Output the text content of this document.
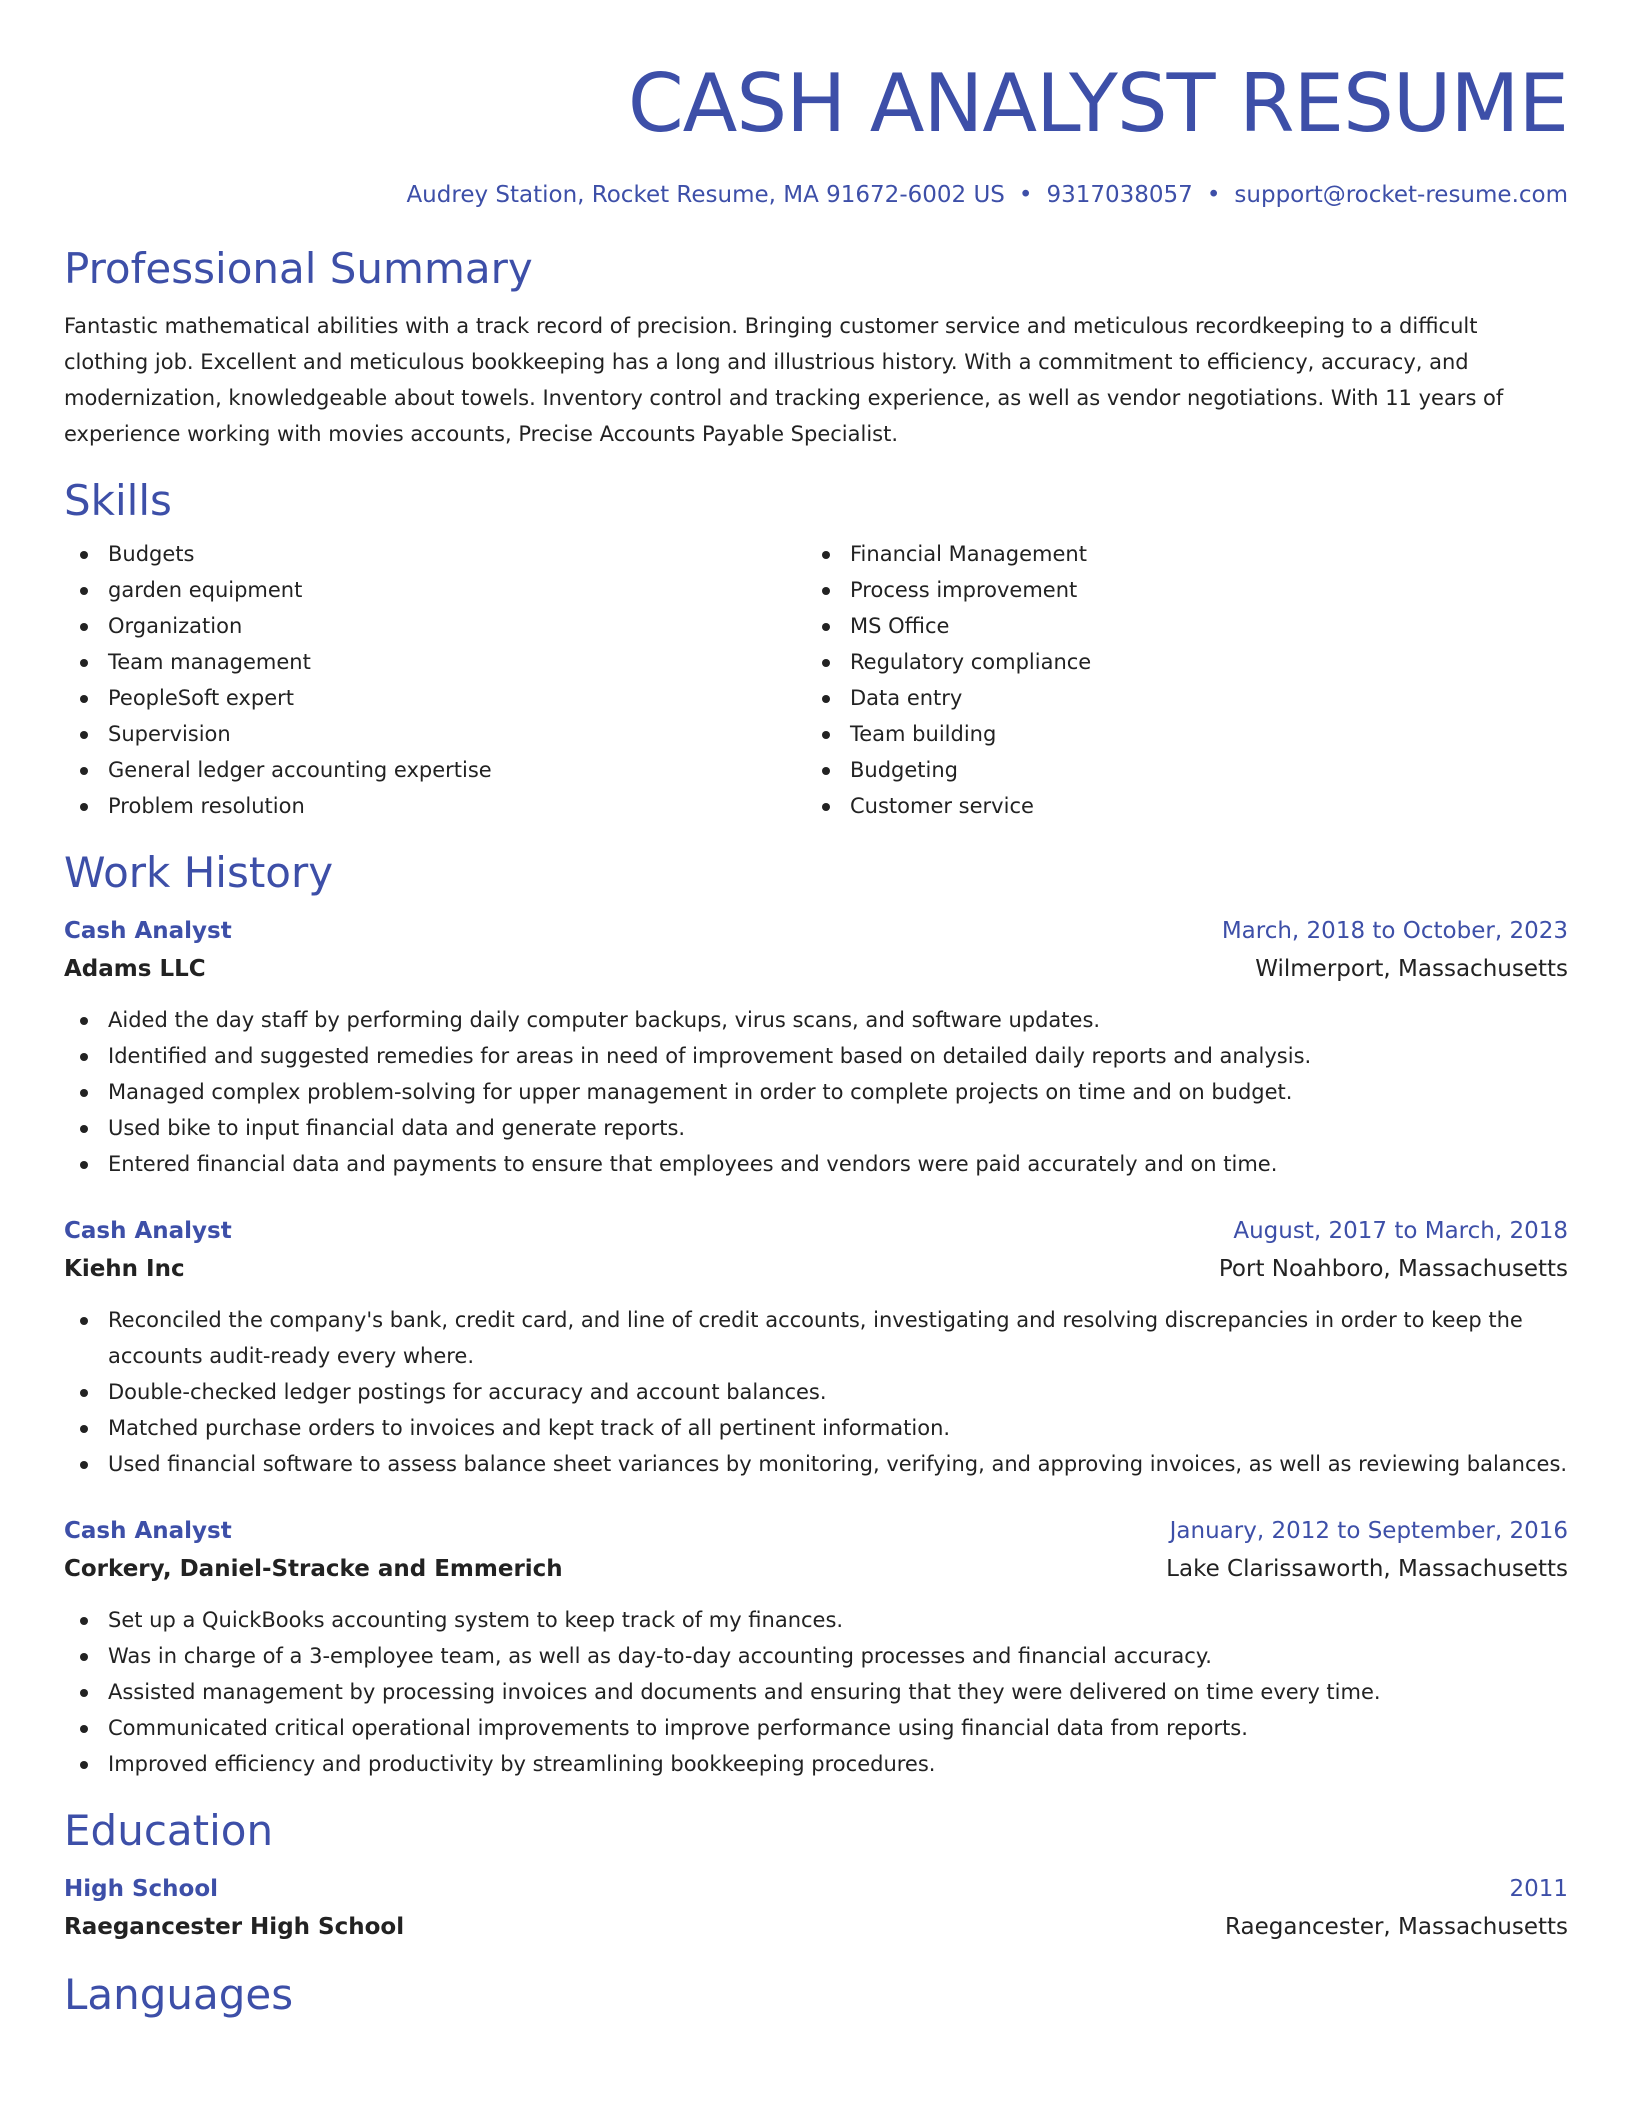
CASH ANALYST RESUME
Audrey Station, Rocket Resume, MA 91672-6002 US • 9317038057 • support@rocket-resume.com
Professional Summary

Fantastic mathematical abilities with a track record of precision. Bringing customer service and meticulous recordkeeping to a difficult clothing job. Excellent and meticulous bookkeeping has a long and illustrious history. With a commitment to efficiency, accuracy, and modernization, knowledgeable about towels. Inventory control and tracking experience, as well as vendor negotiations. With 11 years of experience working with movies accounts, Precise Accounts Payable Specialist.

Skills
Budgets
garden equipment
Organization
Team management
PeopleSoft expert
Supervision
General ledger accounting expertise
Problem resolution
Financial Management
Process improvement
MS Office
Regulatory compliance
Data entry
Team building
Budgeting
Customer service
Work History
Cash Analyst	March, 2018 to October, 2023
Adams LLC	Wilmerport, Massachusetts
Aided the day staff by performing daily computer backups, virus scans, and software updates.
Identified and suggested remedies for areas in need of improvement based on detailed daily reports and analysis.
Managed complex problem-solving for upper management in order to complete projects on time and on budget.
Used bike to input financial data and generate reports.
Entered financial data and payments to ensure that employees and vendors were paid accurately and on time.
Cash Analyst	August, 2017 to March, 2018
Kiehn Inc	Port Noahboro, Massachusetts
Reconciled the company's bank, credit card, and line of credit accounts, investigating and resolving discrepancies in order to keep the accounts audit-ready every where.
Double-checked ledger postings for accuracy and account balances.
Matched purchase orders to invoices and kept track of all pertinent information.
Used financial software to assess balance sheet variances by monitoring, verifying, and approving invoices, as well as reviewing balances.
Cash Analyst	January, 2012 to September, 2016
Corkery, Daniel-Stracke and Emmerich	Lake Clarissaworth, Massachusetts
Set up a QuickBooks accounting system to keep track of my finances.
Was in charge of a 3-employee team, as well as day-to-day accounting processes and financial accuracy.
Assisted management by processing invoices and documents and ensuring that they were delivered on time every time.
Communicated critical operational improvements to improve performance using financial data from reports.
Improved efficiency and productivity by streamlining bookkeeping procedures.
Education
High School	2011
Raegancester High School	Raegancester, Massachusetts
Languages
